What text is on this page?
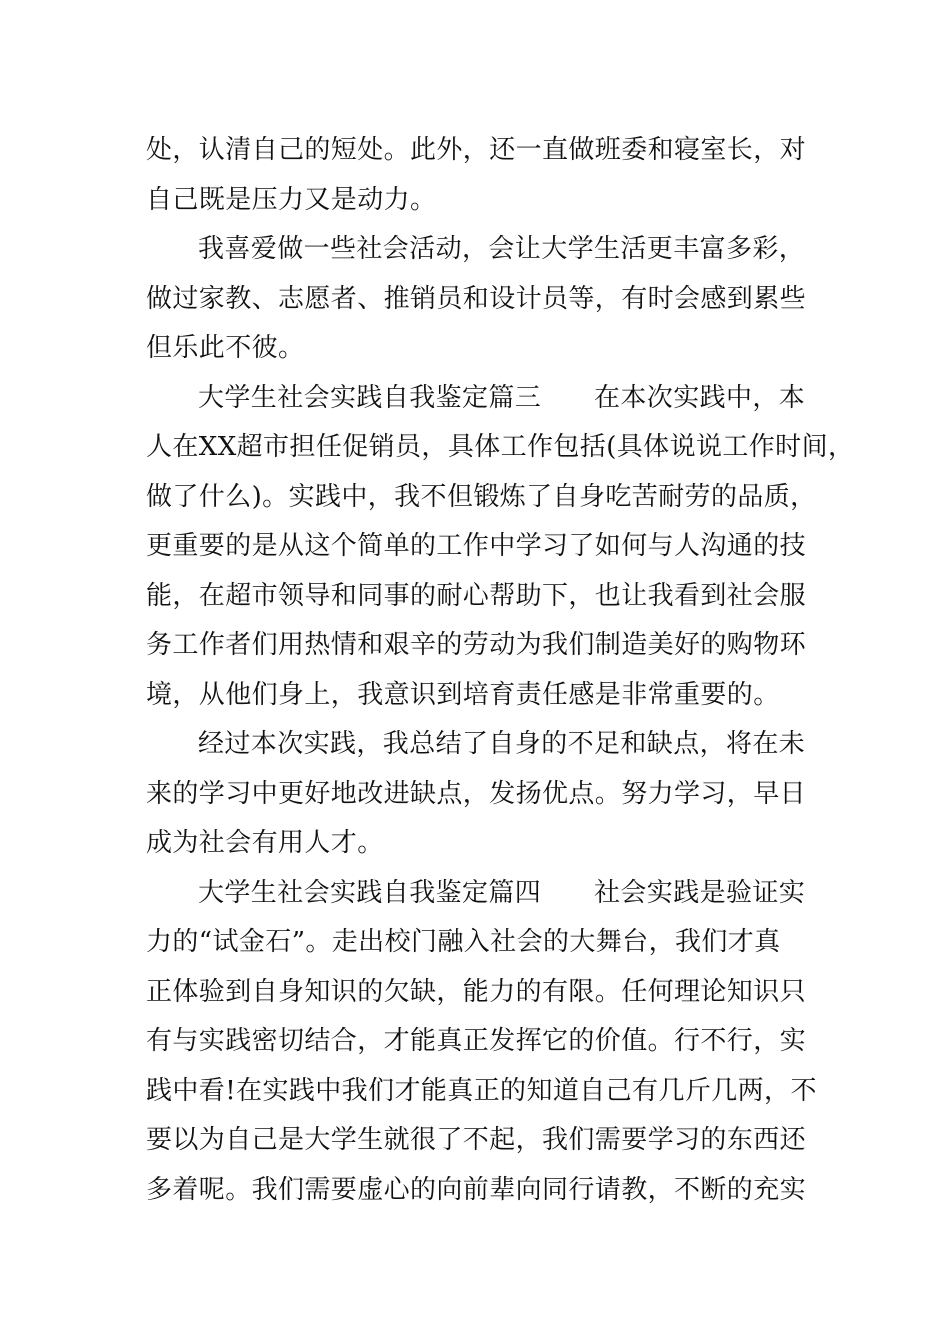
处，认清自己的短处。此外，还一直做班委和寝室长，对
自己既是压力又是动力。
我喜爱做一些社会活动，会让大学生活更丰富多彩，
做过家教、志愿者、推销员和设计员等，有时会感到累些
但乐此不彼。
大学生社会实践自我鉴定篇三　　在本次实践中，本
人在XX超市担任促销员，具体工作包括(具体说说工作时间，
做了什么)。实践中，我不但锻炼了自身吃苦耐劳的品质，
更重要的是从这个简单的工作中学习了如何与人沟通的技
能，在超市领导和同事的耐心帮助下，也让我看到社会服
务工作者们用热情和艰辛的劳动为我们制造美好的购物环
境，从他们身上，我意识到培育责任感是非常重要的。
经过本次实践，我总结了自身的不足和缺点，将在未
来的学习中更好地改进缺点，发扬优点。努力学习，早日
成为社会有用人才。
大学生社会实践自我鉴定篇四　　社会实践是验证实
力的“试金石”。走出校门融入社会的大舞台，我们才真
正体验到自身知识的欠缺，能力的有限。任何理论知识只
有与实践密切结合，才能真正发挥它的价值。行不行，实
践中看!在实践中我们才能真正的知道自己有几斤几两，不
要以为自己是大学生就很了不起，我们需要学习的东西还
多着呢。我们需要虚心的向前辈向同行请教，不断的充实
